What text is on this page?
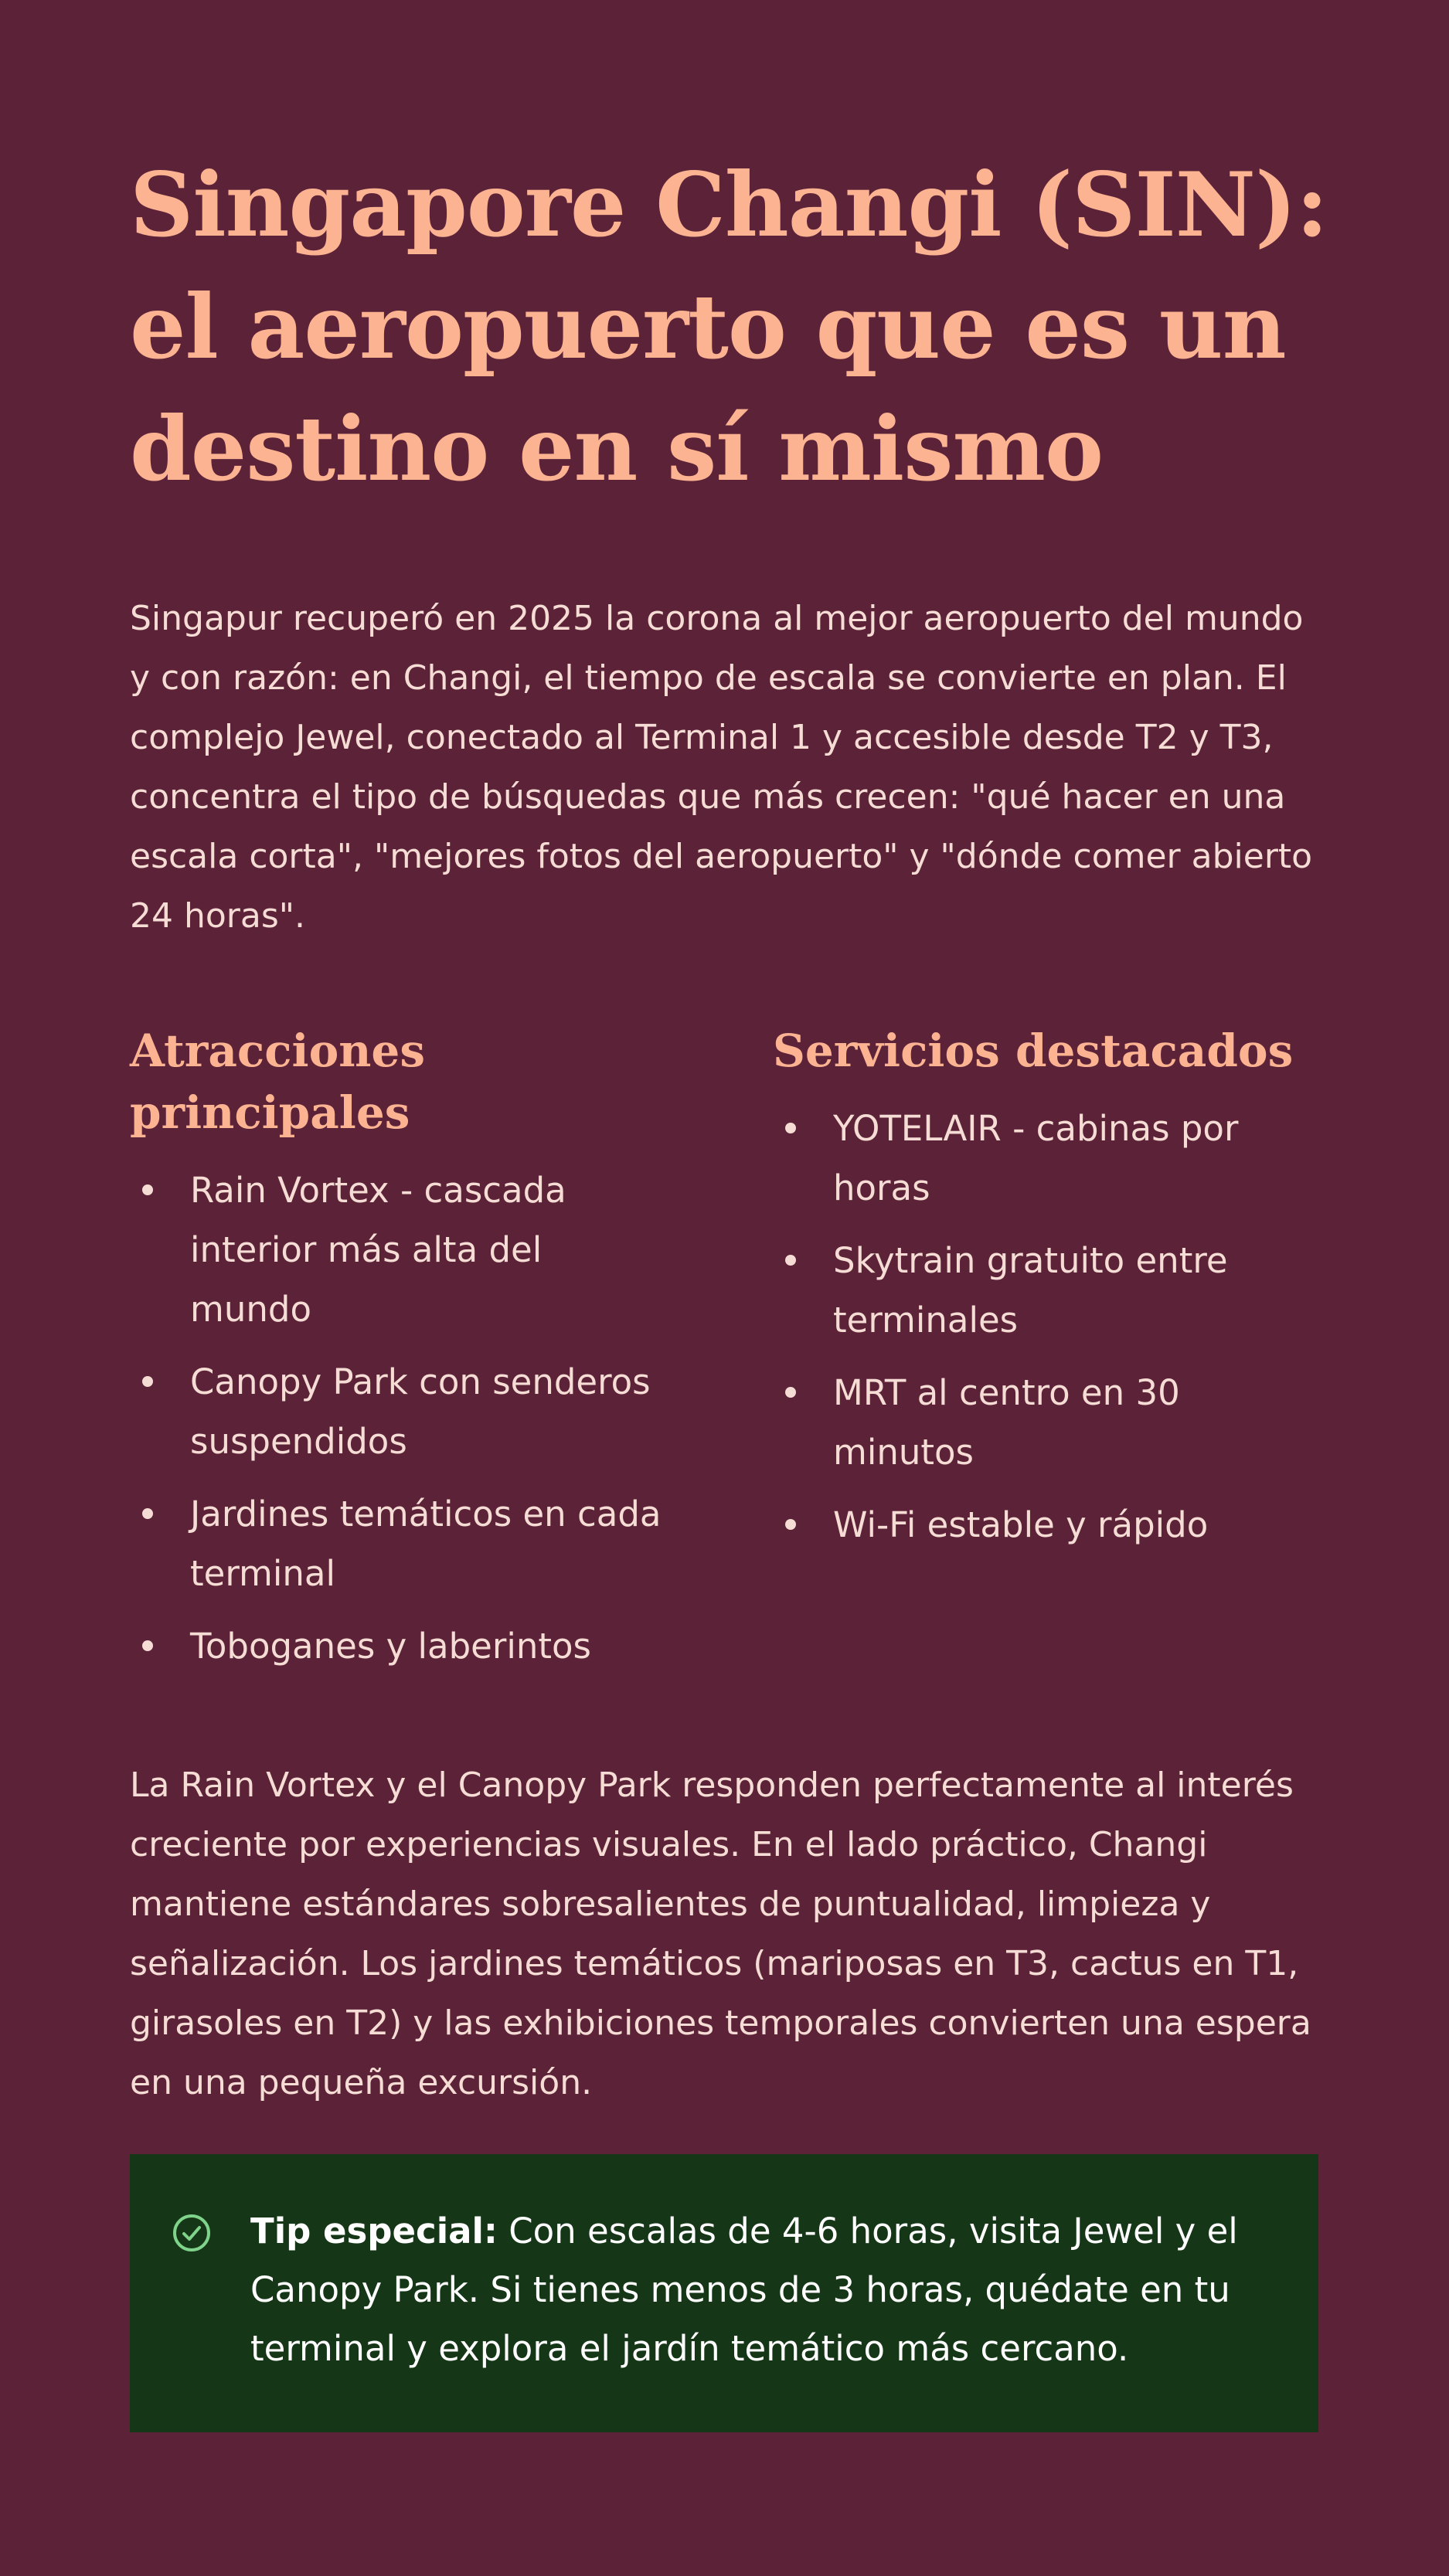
Singapore Changi (SIN): el aeropuerto que es un destino en sí mismo

Singapur recuperó en 2025 la corona al mejor aeropuerto del mundo y con razón: en Changi, el tiempo de escala se convierte en plan. El complejo Jewel, conectado al Terminal 1 y accesible desde T2 y T3, concentra el tipo de búsquedas que más crecen: "qué hacer en una escala corta", "mejores fotos del aeropuerto" y "dónde comer abierto 24 horas".

Atracciones principales
Rain Vortex - cascada interior más alta del mundo
Canopy Park con senderos suspendidos
Jardines temáticos en cada terminal
Toboganes y laberintos
Servicios destacados
YOTELAIR - cabinas por horas
Skytrain gratuito entre terminales
MRT al centro en 30 minutos
Wi-Fi estable y rápido

La Rain Vortex y el Canopy Park responden perfectamente al interés creciente por experiencias visuales. En el lado práctico, Changi mantiene estándares sobresalientes de puntualidad, limpieza y señalización. Los jardines temáticos (mariposas en T3, cactus en T1, girasoles en T2) y las exhibiciones temporales convierten una espera en una pequeña excursión.

Tip especial: Con escalas de 4-6 horas, visita Jewel y el Canopy Park. Si tienes menos de 3 horas, quédate en tu terminal y explora el jardín temático más cercano.
